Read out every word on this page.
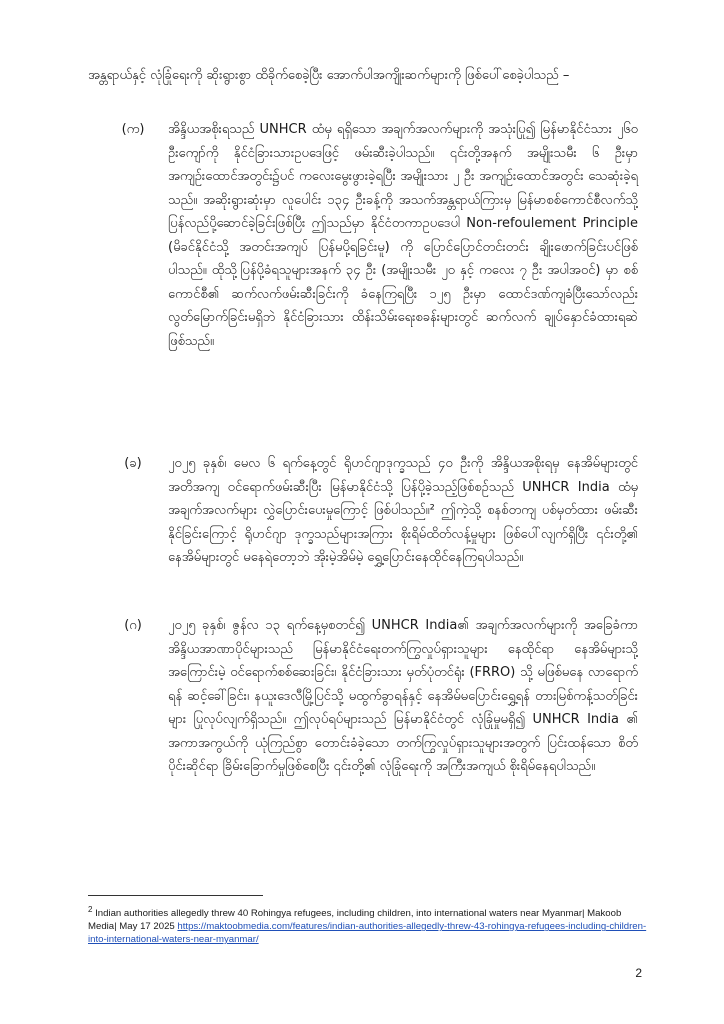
အန္တရာယ်နှင့် လုံခြုံရေးကို ဆိုးရွားစွာ ထိခိုက်စေခဲ့ပြီး အောက်ပါအကျိုးဆက်များကို ဖြစ်ပေါ်စေခဲ့ပါသည် –

(က)	အိန္ဒိယအစိုးရသည် UNHCR ထံမှ ရရှိသော အချက်အလက်များကို အသုံးပြု၍ မြန်မာနိုင်ငံသား ၂၆၀ ဦးကျော်ကို နိုင်ငံခြားသားဥပဒေဖြင့် ဖမ်းဆီးခဲ့ပါသည်။ ၎င်းတို့အနက် အမျိုးသမီး ၆ ဦးမှာ အကျဉ်းထောင်အတွင်း၌ပင် ကလေးမွေးဖွားခဲ့ရပြီး အမျိုးသား ၂ ဦး အကျဉ်းထောင်အတွင်း သေဆုံးခဲ့ရသည်။ အဆိုးရွားဆုံးမှာ လူပေါင်း ၁၃၄ ဦးခန့်ကို အသက်အန္တရာယ်ကြားမှ မြန်မာစစ်ကောင်စီလက်သို့ ပြန်လည်ပို့ဆောင်ခဲ့ခြင်းဖြစ်ပြီး ဤသည်မှာ နိုင်ငံတကာဥပဒေပါ Non-refoulement Principle (မိခင်နိုင်ငံသို့ အတင်းအကျပ် ပြန်မပို့ရခြင်းမူ) ကို ပြောင်ပြောင်တင်းတင်း ချိုးဖောက်ခြင်းပင်ဖြစ်ပါသည်။ ထိုသို့ပြန်ပို့ခံရသူများအနက် ၃၄ ဦး (အမျိုးသမီး ၂၀ နှင့် ကလေး ၇ ဦး အပါအဝင်) မှာ စစ်ကောင်စီ၏ ဆက်လက်ဖမ်းဆီးခြင်းကို ခံနေကြရပြီး ၁၂၅ ဦးမှာ ထောင်ဒဏ်ကျခံပြီးသော်လည်း လွတ်မြောက်ခြင်းမရှိဘဲ နိုင်ငံခြားသား ထိန်းသိမ်းရေးစခန်းများတွင် ဆက်လက် ချုပ်နှောင်ခံထားရဆဲဖြစ်သည်။

(ခ)	၂၀၂၅ ခုနှစ်၊ မေလ ၆ ရက်နေ့တွင် ရိုဟင်ဂျာဒုက္ခသည် ၄၀ ဦးကို အိန္ဒိယအစိုးရမှ နေအိမ်များတွင် အတိအကျ ဝင်ရောက်ဖမ်းဆီးပြီး မြန်မာနိုင်ငံသို့ ပြန်ပို့ခဲ့သည့်ဖြစ်စဉ်သည် UNHCR India ထံမှ အချက်အလက်များ လွှဲပြောင်းပေးမှုကြောင့် ဖြစ်ပါသည်။² ဤကဲ့သို့ စနစ်တကျ ပစ်မှတ်ထား ဖမ်းဆီးနိုင်ခြင်းကြောင့် ရိုဟင်ဂျာ ဒုက္ခသည်များအကြား စိုးရိမ်ထိတ်လန့်မှုများ ဖြစ်ပေါ်လျက်ရှိပြီး ၎င်းတို့၏ နေအိမ်များတွင် မနေရဲတော့ဘဲ အိုးမဲ့အိမ်မဲ့ ရွှေ့ပြောင်းနေထိုင်နေကြရပါသည်။

(ဂ)	၂၀၂၅ ခုနှစ်၊ ဇွန်လ ၁၃ ရက်နေ့မှစတင်၍ UNHCR India၏ အချက်အလက်များကို အခြေခံကာ အိန္ဒိယအာဏာပိုင်များသည် မြန်မာနိုင်ငံရေးတက်ကြွလှုပ်ရှားသူများ နေထိုင်ရာ နေအိမ်များသို့ အကြောင်းမဲ့ ဝင်ရောက်စစ်ဆေးခြင်း၊ နိုင်ငံခြားသား မှတ်ပုံတင်ရုံး (FRRO) သို့ မဖြစ်မနေ လာရောက်ရန် ဆင့်ခေါ်ခြင်း၊ နယူးဒေလီမြို့ပြင်သို့ မထွက်ခွာရန်နှင့် နေအိမ်မပြောင်းရွှေ့ရန် တားမြစ်ကန့်သတ်ခြင်းများ ပြုလုပ်လျက်ရှိသည်။ ဤလုပ်ရပ်များသည် မြန်မာနိုင်ငံတွင် လုံခြုံမှုမရှိ၍ UNHCR India ၏ အကာအကွယ်ကို ယုံကြည်စွာ တောင်းခံခဲ့သော တက်ကြွလှုပ်ရှားသူများအတွက် ပြင်းထန်သော စိတ်ပိုင်းဆိုင်ရာ ခြိမ်းခြောက်မှုဖြစ်စေပြီး ၎င်းတို့၏ လုံခြုံရေးကို အကြီးအကျယ် စိုးရိမ်နေရပါသည်။

$^2$ Indian authorities allegedly threw 40 Rohingya refugees, including children, into international waters near Myanmar| Makoob Media| May 17 2025 https://maktoobmedia.com/features/indian-authorities-allegedly-threw-43-rohingya-refugees-including-children-into-international-waters-near-myanmar/

2
